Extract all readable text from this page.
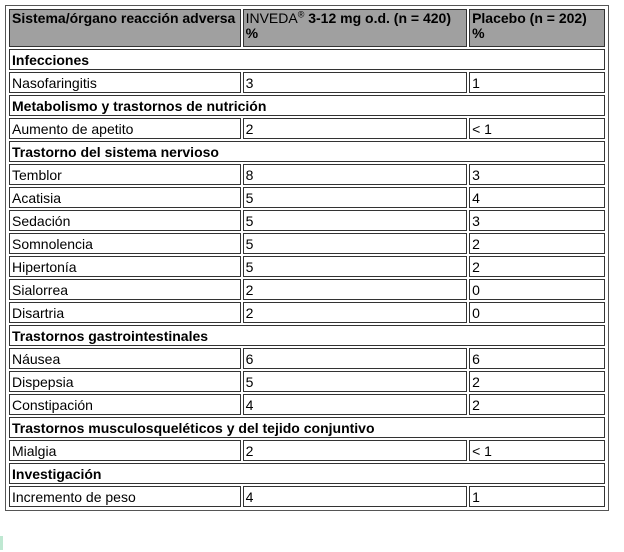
Sistema/órgano reacción adversa	INVEDA® 3-12 mg o.d. (n = 420) %	Placebo (n = 202) %
Infecciones		
Nasofaringitis	3	1
Metabolismo y trastornos de nutrición		
Aumento de apetito	2	< 1
Trastorno del sistema nervioso		
Temblor	8	3
Acatisia	5	4
Sedación	5	3
Somnolencia	5	2
Hipertonía	5	2
Sialorrea	2	0
Disartria	2	0
Trastornos gastrointestinales		
Náusea	6	6
Dispepsia	5	2
Constipación	4	2
Trastornos musculosqueléticos y del tejido conjuntivo		
Mialgia	2	< 1
Investigación		
Incremento de peso	4	1
